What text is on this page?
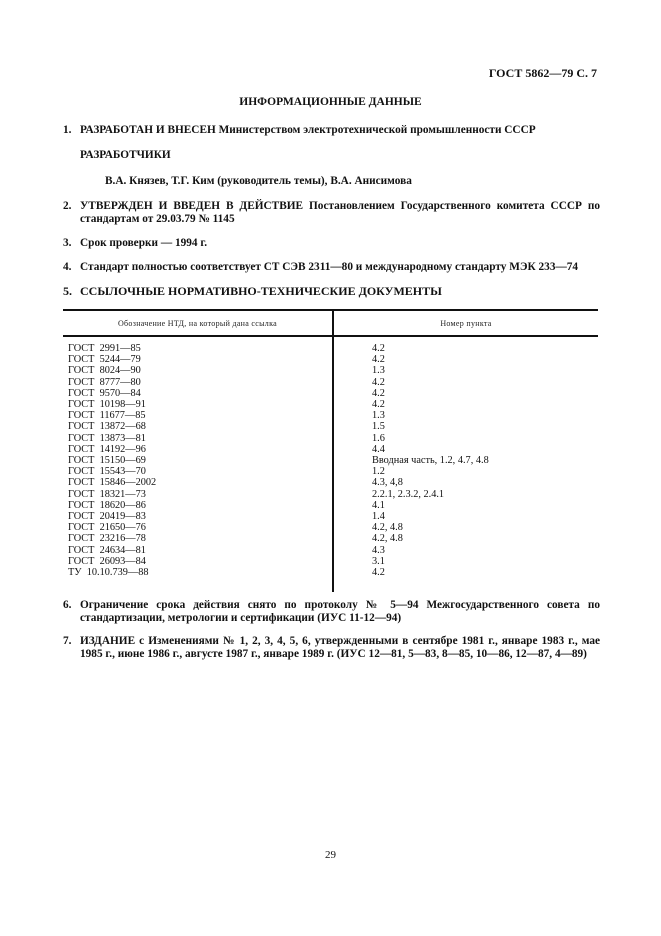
ГОСТ 5862—79 С. 7
ИНФОРМАЦИОННЫЕ ДАННЫЕ
1. РАЗРАБОТАН И ВНЕСЕН Министерством электротехнической промышленности СССР
РАЗРАБОТЧИКИ
В.А. Князев, Т.Г. Ким (руководитель темы), В.А. Анисимова
2. УТВЕРЖДЕН И ВВЕДЕН В ДЕЙСТВИЕ Постановлением Государственного комитета СССР по стандартам от 29.03.79 № 1145
3. Срок проверки — 1994 г.
4. Стандарт полностью соответствует СТ СЭВ 2311—80 и международному стандарту МЭК 233—74
5. ССЫЛОЧНЫЕ НОРМАТИВНО-ТЕХНИЧЕСКИЕ ДОКУМЕНТЫ
Обозначение НТД, на который дана ссылка	Номер пункта
ГОСТ  2991—85	4.2
ГОСТ  5244—79	4.2
ГОСТ  8024—90	1.3
ГОСТ  8777—80	4.2
ГОСТ  9570—84	4.2
ГОСТ  10198—91	4.2
ГОСТ  11677—85	1.3
ГОСТ  13872—68	1.5
ГОСТ  13873—81	1.6
ГОСТ  14192—96	4.4
ГОСТ  15150—69	Вводная часть, 1.2, 4.7, 4.8
ГОСТ  15543—70	1.2
ГОСТ  15846—2002	4.3, 4,8
ГОСТ  18321—73	2.2.1, 2.3.2, 2.4.1
ГОСТ  18620—86	4.1
ГОСТ  20419—83	1.4
ГОСТ  21650—76	4.2, 4.8
ГОСТ  23216—78	4.2, 4.8
ГОСТ  24634—81	4.3
ГОСТ  26093—84	3.1
ТУ  10.10.739—88	4.2
6. Ограничение срока действия снято по протоколу № 5—94 Межгосударственного совета по стандартизации, метрологии и сертификации (ИУС 11-12—94)
7. ИЗДАНИЕ с Изменениями № 1, 2, 3, 4, 5, 6, утвержденными в сентябре 1981 г., январе 1983 г., мае 1985 г., июне 1986 г., августе 1987 г., январе 1989 г. (ИУС 12—81, 5—83, 8—85, 10—86, 12—87, 4—89)
29
